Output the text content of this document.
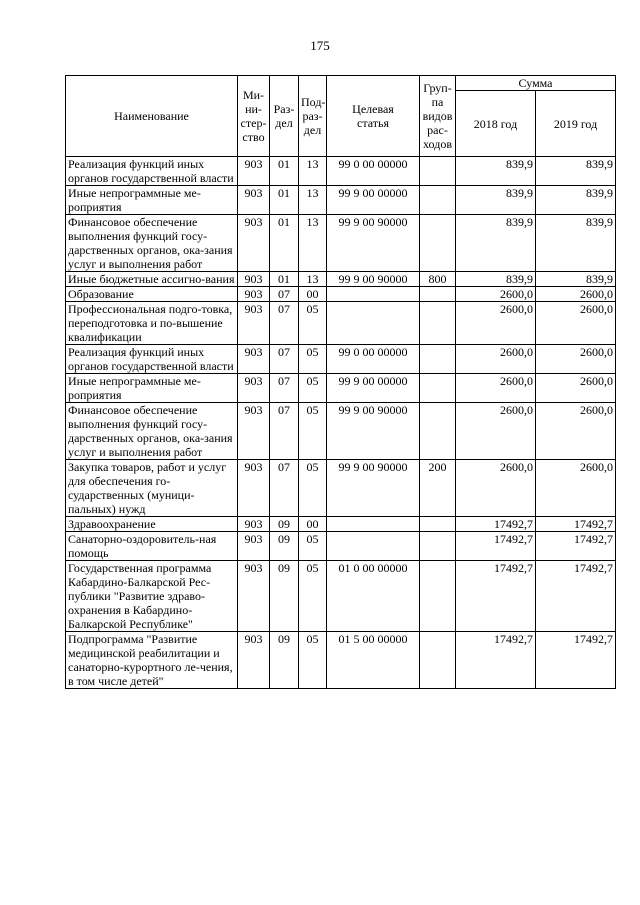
175
Наименование	Ми-
ни-
стер-
ство	Раз-
дел	Под-
раз-
дел	Целевая
статья	Груп-
па
видов
рас-
ходов	Сумма	
						2018 год	2019 год
Реализация функций иных органов государственной власти	903	01	13	99 0 00 00000		839,9	839,9
Иные непрограммные ме-роприятия	903	01	13	99 9 00 00000		839,9	839,9
Финансовое обеспечение выполнения функций госу-дарственных органов, ока-зания услуг и выполнения работ	903	01	13	99 9 00 90000		839,9	839,9
Иные бюджетные ассигно-вания	903	01	13	99 9 00 90000	800	839,9	839,9
Образование	903	07	00			2600,0	2600,0
Профессиональная подго-товка, переподготовка и по-вышение квалификации	903	07	05			2600,0	2600,0
Реализация функций иных органов государственной власти	903	07	05	99 0 00 00000		2600,0	2600,0
Иные непрограммные ме-роприятия	903	07	05	99 9 00 00000		2600,0	2600,0
Финансовое обеспечение выполнения функций госу-дарственных органов, ока-зания услуг и выполнения работ	903	07	05	99 9 00 90000		2600,0	2600,0
Закупка товаров, работ и услуг для обеспечения го-сударственных (муници-пальных) нужд	903	07	05	99 9 00 90000	200	2600,0	2600,0
Здравоохранение	903	09	00			17492,7	17492,7
Санаторно-оздоровитель-ная помощь	903	09	05			17492,7	17492,7
Государственная программа Кабардино-Балкарской Рес-публики "Развитие здраво-охранения в Кабардино-Балкарской Республике"	903	09	05	01 0 00 00000		17492,7	17492,7
Подпрограмма "Развитие медицинской реабилитации и санаторно-курортного ле-чения, в том числе детей"	903	09	05	01 5 00 00000		17492,7	17492,7
